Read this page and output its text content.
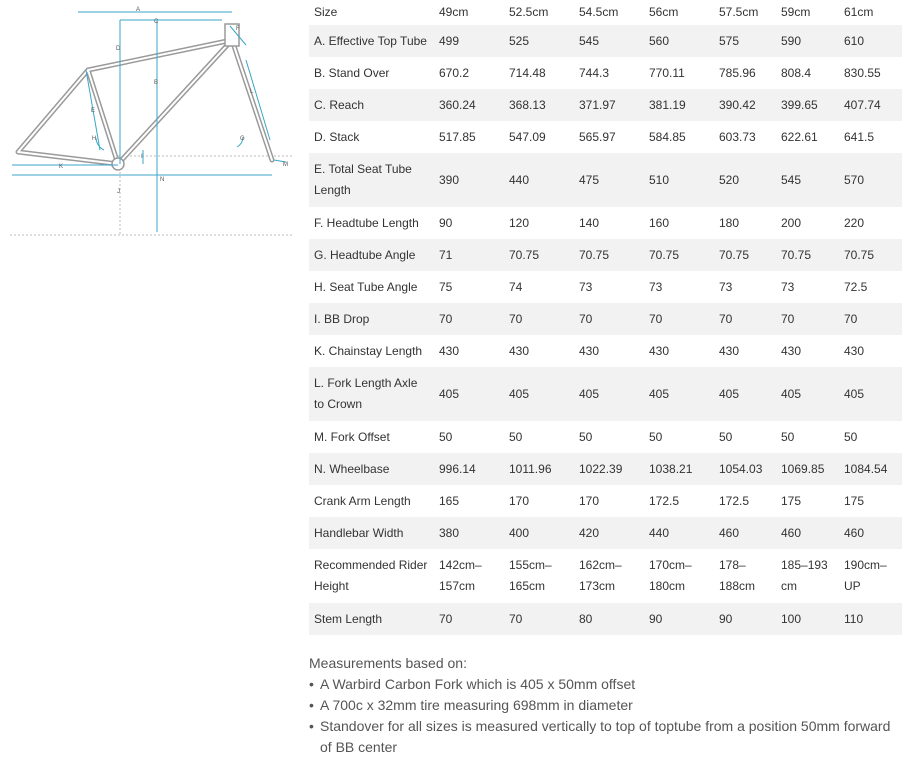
A
B
C
D
E
F
G
H
I
J
K
L
M
N
Size	49cm	52.5cm	54.5cm	56cm	57.5cm	59cm	61cm
A. Effective Top Tube	499	525	545	560	575	590	610
B. Stand Over	670.2	714.48	744.3	770.11	785.96	808.4	830.55
C. Reach	360.24	368.13	371.97	381.19	390.42	399.65	407.74
D. Stack	517.85	547.09	565.97	584.85	603.73	622.61	641.5
E. Total Seat Tube Length	390	440	475	510	520	545	570
F. Headtube Length	90	120	140	160	180	200	220
G. Headtube Angle	71	70.75	70.75	70.75	70.75	70.75	70.75
H. Seat Tube Angle	75	74	73	73	73	73	72.5
I. BB Drop	70	70	70	70	70	70	70
K. Chainstay Length	430	430	430	430	430	430	430
L. Fork Length Axle to Crown	405	405	405	405	405	405	405
M. Fork Offset	50	50	50	50	50	50	50
N. Wheelbase	996.14	1011.96	1022.39	1038.21	1054.03	1069.85	1084.54
Crank Arm Length	165	170	170	172.5	172.5	175	175
Handlebar Width	380	400	420	440	460	460	460
Recommended Rider Height	142cm–157cm	155cm–165cm	162cm–173cm	170cm–180cm	178–188cm	185–193 cm	190cm–UP
Stem Length	70	70	80	90	90	100	110
Measurements based on:
• A Warbird Carbon Fork which is 405 x 50mm offset
• A 700c x 32mm tire measuring 698mm in diameter
• Standover for all sizes is measured vertically to top of toptube from a position 50mm forward of BB center
